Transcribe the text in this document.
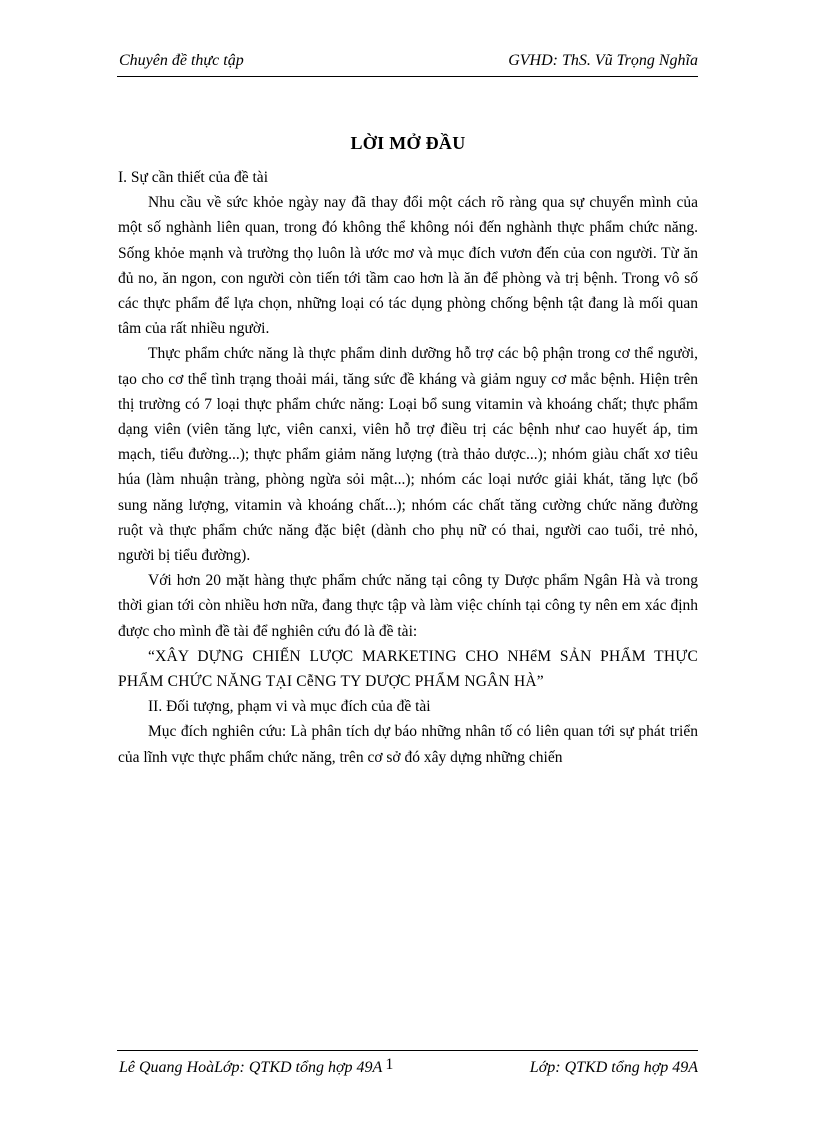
Chuyên đề thực tập	GVHD: ThS. Vũ Trọng Nghĩa
LỜI MỞ ĐẦU

I. Sự cần thiết của đề tài

Nhu cầu về sức khỏe ngày nay đã thay đổi một cách rõ ràng qua sự chuyển mình của một số nghành liên quan, trong đó không thể không nói đến nghành thực phẩm chức năng. Sống khỏe mạnh và trường thọ luôn là ước mơ và mục đích vươn đến của con người. Từ ăn đủ no, ăn ngon, con người còn tiến tới tầm cao hơn là ăn để phòng và trị bệnh. Trong vô số các thực phẩm để lựa chọn, những loại có tác dụng phòng chống bệnh tật đang là mối quan tâm của rất nhiều người.

Thực phẩm chức năng là thực phẩm dinh dưỡng hỗ trợ các bộ phận trong cơ thể người, tạo cho cơ thể tình trạng thoải mái, tăng sức đề kháng và giảm nguy cơ mắc bệnh. Hiện trên thị trường có 7 loại thực phẩm chức năng: Loại bổ sung vitamin và khoáng chất; thực phẩm dạng viên (viên tăng lực, viên canxi, viên hỗ trợ điều trị các bệnh như cao huyết áp, tim mạch, tiểu đường...); thực phẩm giảm năng lượng (trà thảo dược...); nhóm giàu chất xơ tiêu húa (làm nhuận tràng, phòng ngừa sỏi mật...); nhóm các loại nước giải khát, tăng lực (bổ sung năng lượng, vitamin và khoáng chất...); nhóm các chất tăng cường chức năng đường ruột và thực phẩm chức năng đặc biệt (dành cho phụ nữ có thai, người cao tuổi, trẻ nhỏ, người bị tiểu đường).

Với hơn 20 mặt hàng thực phẩm chức năng tại công ty Dược phẩm Ngân Hà và trong thời gian tới còn nhiều hơn nữa, đang thực tập và làm việc chính tại công ty nên em xác định được cho mình đề tài để nghiên cứu đó là đề tài:

“XÂY DỰNG CHIẾN LƯỢC MARKETING CHO NHểM SẢN PHẨM THỰC PHẨM CHỨC NĂNG TẠI CễNG TY DƯỢC PHẨM NGÂN HÀ”

II. Đối tượng, phạm vi và mục đích của đề tài

Mục đích nghiên cứu: Là phân tích dự báo những nhân tố có liên quan tới sự phát triển của lĩnh vực thực phẩm chức năng, trên cơ sở đó xây dựng những chiến

Lê Quang HoàLớp: QTKD tổng hợp 49A 1	Lớp: QTKD tổng hợp 49A
